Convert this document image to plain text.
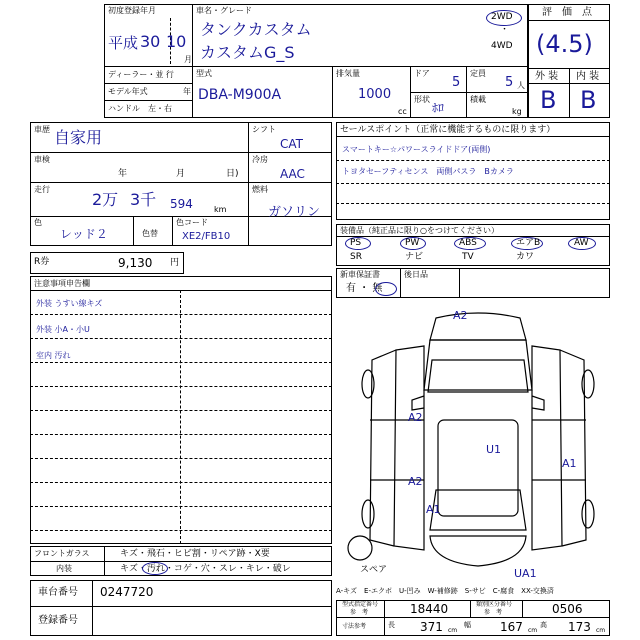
初度登録年月
平成 30 10
月
車名・グレード
タンクカスタム
カスタムG_S
2WD
・
4WD
評　価　点
(4.5)
外 装 内 装
B B
ディーラー・並 行
モデル年式	年
ハンドル　左・右
型式
DBA-M900A
排気量
1000
cc
ドア
5
定員
5 人
形状
ﾎﾛ
積載
kg
車歴 自家用
車検
年	月	日)
走行
2万 3千 594	km
色
レッド２	色替
色コード
XE2/FB10
シフト
CAT
冷房
AAC
燃料
ガソリン
セールスポイント（正常に機能するものに限ります）
スマートキー☆パワースライドドア(両側)
トヨタセーフティセンス　両側パスラ　Bカメラ
装備品（純正品に限り○をつけてください）
PS	PW	ABS	エアB	AW
SR	ナビ	TV	カワ
新車保証書
有 ・ 無
後日品
R券	9,130 円
注意事項申告欄
外装 うすい線キズ
外装 小A・小U
室内 汚れ
A2
A2
U1
A1
A2
A1
UA1
スペア
フロントガラス	キズ・飛石・ヒビ割・リペア跡・X要
内装	キズ・汚れ・コゲ・穴・スレ・キレ・破レ
車台番号 0247720
登録番号
A-キズ　E-エクボ　U-凹み　W-補修跡　S-サビ　C-腐食　XX-交換済
型式指定番号
参　考	18440	類別区分番号
参　考	0506
寸法参考	長 371 cm
幅 167 cm
高 173 cm
